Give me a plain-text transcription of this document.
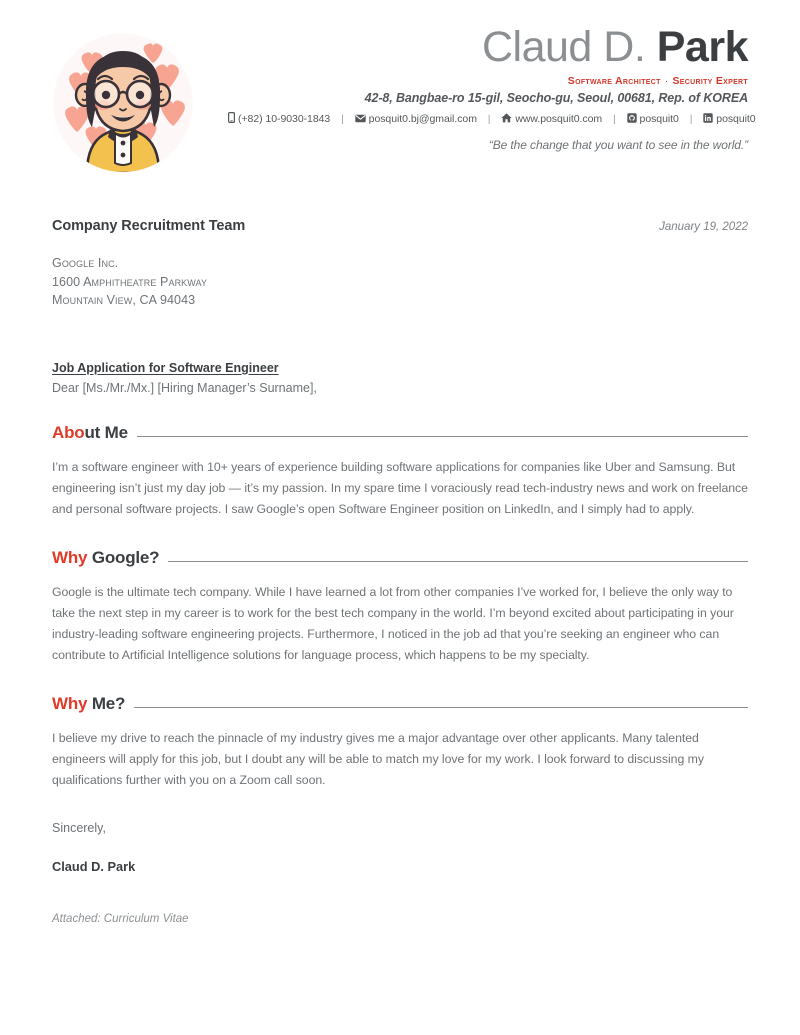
Claud D. Park
Software Architect · Security Expert
42-8, Bangbae-ro 15-gil, Seocho-gu, Seoul, 00681, Rep. of KOREA
(+82) 10-9030-1843 | posquit0.bj@gmail.com | www.posquit0.com | posquit0 | posquit0
“Be the change that you want to see in the world.”
Company Recruitment Team	January 19, 2022
Google Inc.
1600 Amphitheatre Parkway
Mountain View, CA 94043
Job Application for Software Engineer
Dear [Ms./Mr./Mx.] [Hiring Manager’s Surname],
About Me
I’m a software engineer with 10+ years of experience building software applications for companies like Uber and Samsung. But engineering isn’t just my day job — it’s my passion. In my spare time I voraciously read tech-industry news and work on freelance and personal software projects. I saw Google’s open Software Engineer position on LinkedIn, and I simply had to apply.
Why Google?
Google is the ultimate tech company. While I have learned a lot from other companies I’ve worked for, I believe the only way to take the next step in my career is to work for the best tech company in the world. I’m beyond excited about participating in your industry-leading software engineering projects. Furthermore, I noticed in the job ad that you’re seeking an engineer who can contribute to Artificial Intelligence solutions for language process, which happens to be my specialty.
Why Me?
I believe my drive to reach the pinnacle of my industry gives me a major advantage over other applicants. Many talented engineers will apply for this job, but I doubt any will be able to match my love for my work. I look forward to discussing my qualifications further with you on a Zoom call soon.
Sincerely,
Claud D. Park
Attached: Curriculum Vitae
